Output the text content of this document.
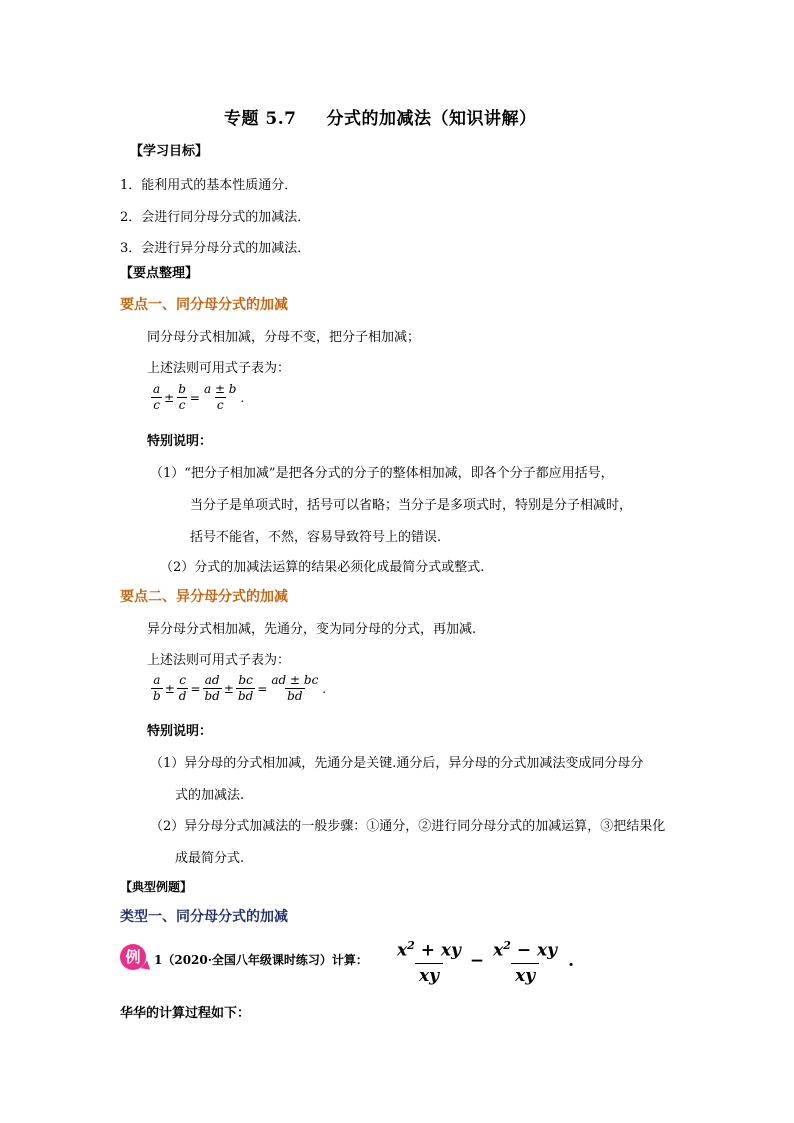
专题 5.7 分式的加减法（知识讲解）
【学习目标】
1．能利用式的基本性质通分．
2．会进行同分母分式的加减法．
3．会进行异分母分式的加减法．
【要点整理】
要点一、同分母分式的加减
同分母分式相加减，分母不变，把分子相加减；
上述法则可用式子表为：
$\frac{a}{c} \pm \frac{b}{c} = \frac{a \pm b}{c}$ .
特别说明：
（1）“把分子相加减”是把各分式的分子的整体相加减，即各个分子都应用括号，
当分子是单项式时，括号可以省略；当分子是多项式时，特别是分子相减时，
括号不能省，不然，容易导致符号上的错误.
（2）分式的加减法运算的结果必须化成最简分式或整式.
要点二、异分母分式的加减
异分母分式相加减，先通分，变为同分母的分式，再加减.
上述法则可用式子表为：
$\frac{a}{b} \pm \frac{c}{d} = \frac{ad}{bd} \pm \frac{bc}{bd} = \frac{ad \pm bc}{bd}$ .
特别说明：
（1）异分母的分式相加减，先通分是关键.通分后，异分母的分式加减法变成同分母分
式的加减法.
（2）异分母分式加减法的一般步骤：①通分，②进行同分母分式的加减运算，③把结果化
成最简分式.
【典型例题】
类型一、同分母分式的加减
例	1（2020·全国八年级课时练习）计算： $\frac{x^2 + xy}{xy} - \frac{x^2 - xy}{xy}$ .
华华的计算过程如下：
